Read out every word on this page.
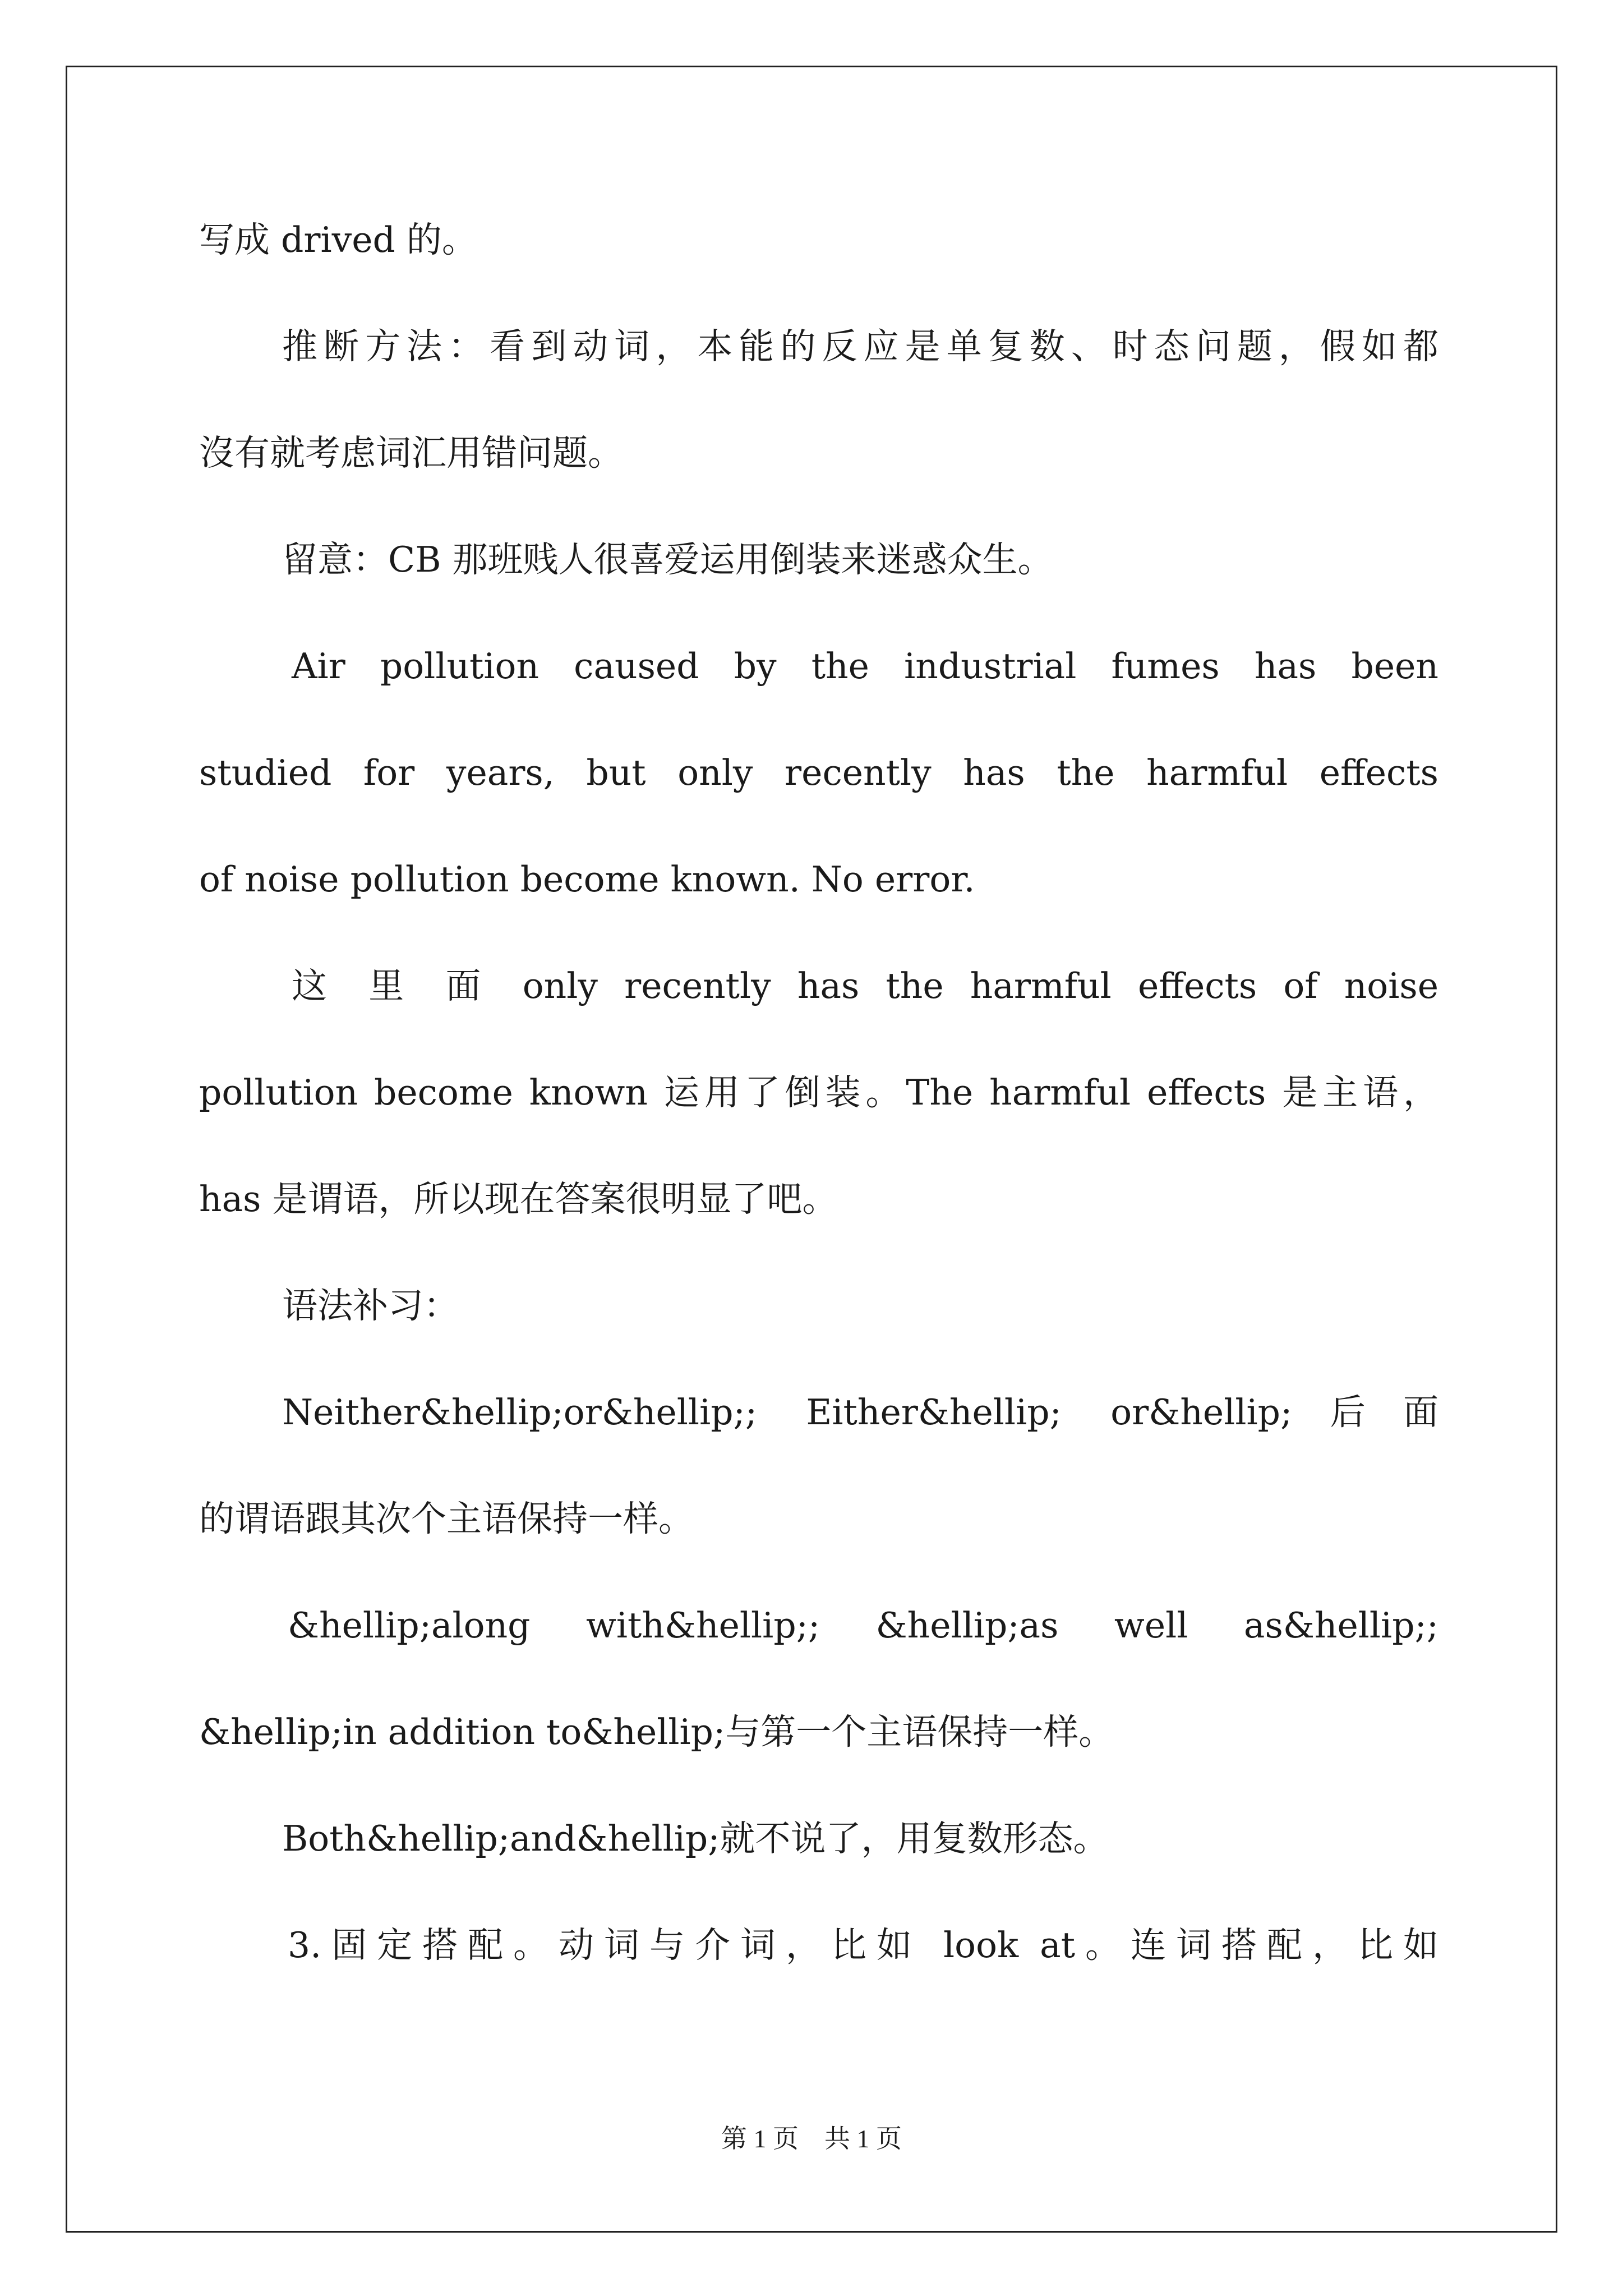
写成 drived 的。
推断方法：看到动词，本能的反应是单复数、时态问题，假如都
沒有就考虑词汇用错问题。
留意：CB 那班贱人很喜爱运用倒装来迷惑众生。
Air pollution caused by the industrial fumes has been
studied for years, but only recently has the harmful effects
of noise pollution become known. No error.
这 里 面 only recently has the harmful effects of noise
pollution become known 运用了倒装。The harmful effects 是主语，
has 是谓语，所以现在答案很明显了吧。
语法补习：
Neither&hellip;or&hellip;; Either&hellip; or&hellip;后面
的谓语跟其次个主语保持一样。
&hellip;along with&hellip;; &hellip;as well as&hellip;;
&hellip;in addition to&hellip;与第一个主语保持一样。
Both&hellip;and&hellip;就不说了，用复数形态。
3.固定搭配。动词与介词，比如 look at。连词搭配，比如
第 1 页    共 1 页
